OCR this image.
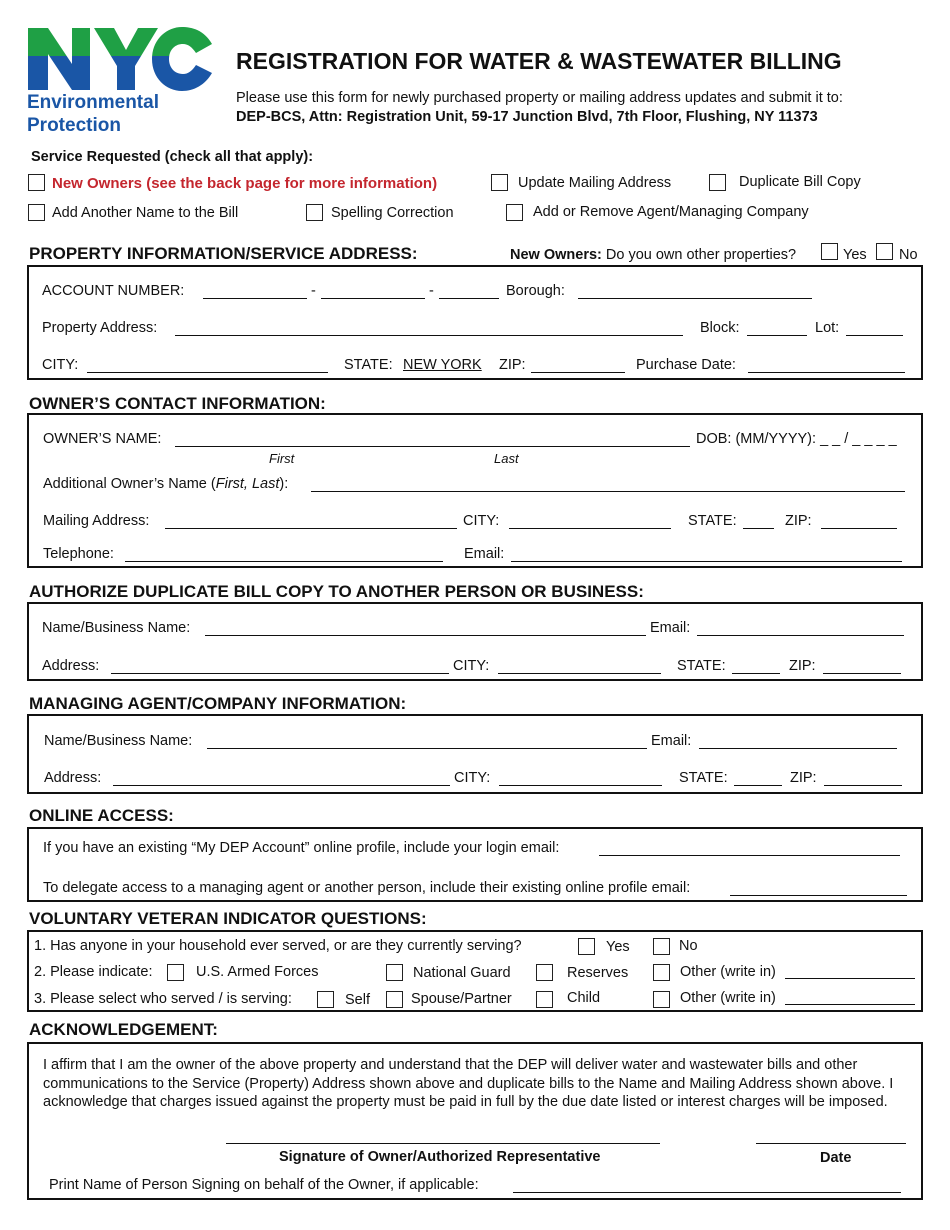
Environmental
Protection
REGISTRATION FOR WATER & WASTEWATER BILLING
Please use this form for newly purchased property or mailing address updates and submit it to:
DEP-BCS, Attn: Registration Unit, 59-17 Junction Blvd, 7th Floor, Flushing, NY 11373
Service Requested (check all that apply):
New Owners (see the back page for more information)	Update Mailing Address	Duplicate Bill Copy
Add Another Name to the Bill	Spelling Correction	Add or Remove Agent/Managing Company
PROPERTY INFORMATION/SERVICE ADDRESS:	New Owners: Do you own other properties?	Yes No
ACCOUNT NUMBER:	-	-	Borough:
Property Address:	Block:	Lot:
CITY:	STATE: NEW YORK ZIP:	Purchase Date:
OWNER’S CONTACT INFORMATION:
OWNER’S NAME:	DOB: (MM/YYYY): _ _ / _ _ _ _
First	Last
Additional Owner’s Name (First, Last):
Mailing Address:	CITY:	STATE:	ZIP:
Telephone:	Email:
AUTHORIZE DUPLICATE BILL COPY TO ANOTHER PERSON OR BUSINESS:
Name/Business Name:	Email:
Address:	CITY:	STATE:	ZIP:
MANAGING AGENT/COMPANY INFORMATION:
Name/Business Name:	Email:
Address:	CITY:	STATE:	ZIP:
ONLINE ACCESS:
If you have an existing “My DEP Account” online profile, include your login email:
To delegate access to a managing agent or another person, include their existing online profile email:
VOLUNTARY VETERAN INDICATOR QUESTIONS:
1. Has anyone in your household ever served, or are they currently serving?	Yes	No
2. Please indicate:	U.S. Armed Forces	National Guard	Reserves	Other (write in)
3. Please select who served / is serving:	Self	Spouse/Partner	Child	Other (write in)
ACKNOWLEDGEMENT:
I affirm that I am the owner of the above property and understand that the DEP will deliver water and wastewater bills and other communications to the Service (Property) Address shown above and duplicate bills to the Name and Mailing Address shown above. I acknowledge that charges issued against the property must be paid in full by the due date listed or interest charges will be imposed.
Signature of Owner/Authorized Representative	Date
Print Name of Person Signing on behalf of the Owner, if applicable:
